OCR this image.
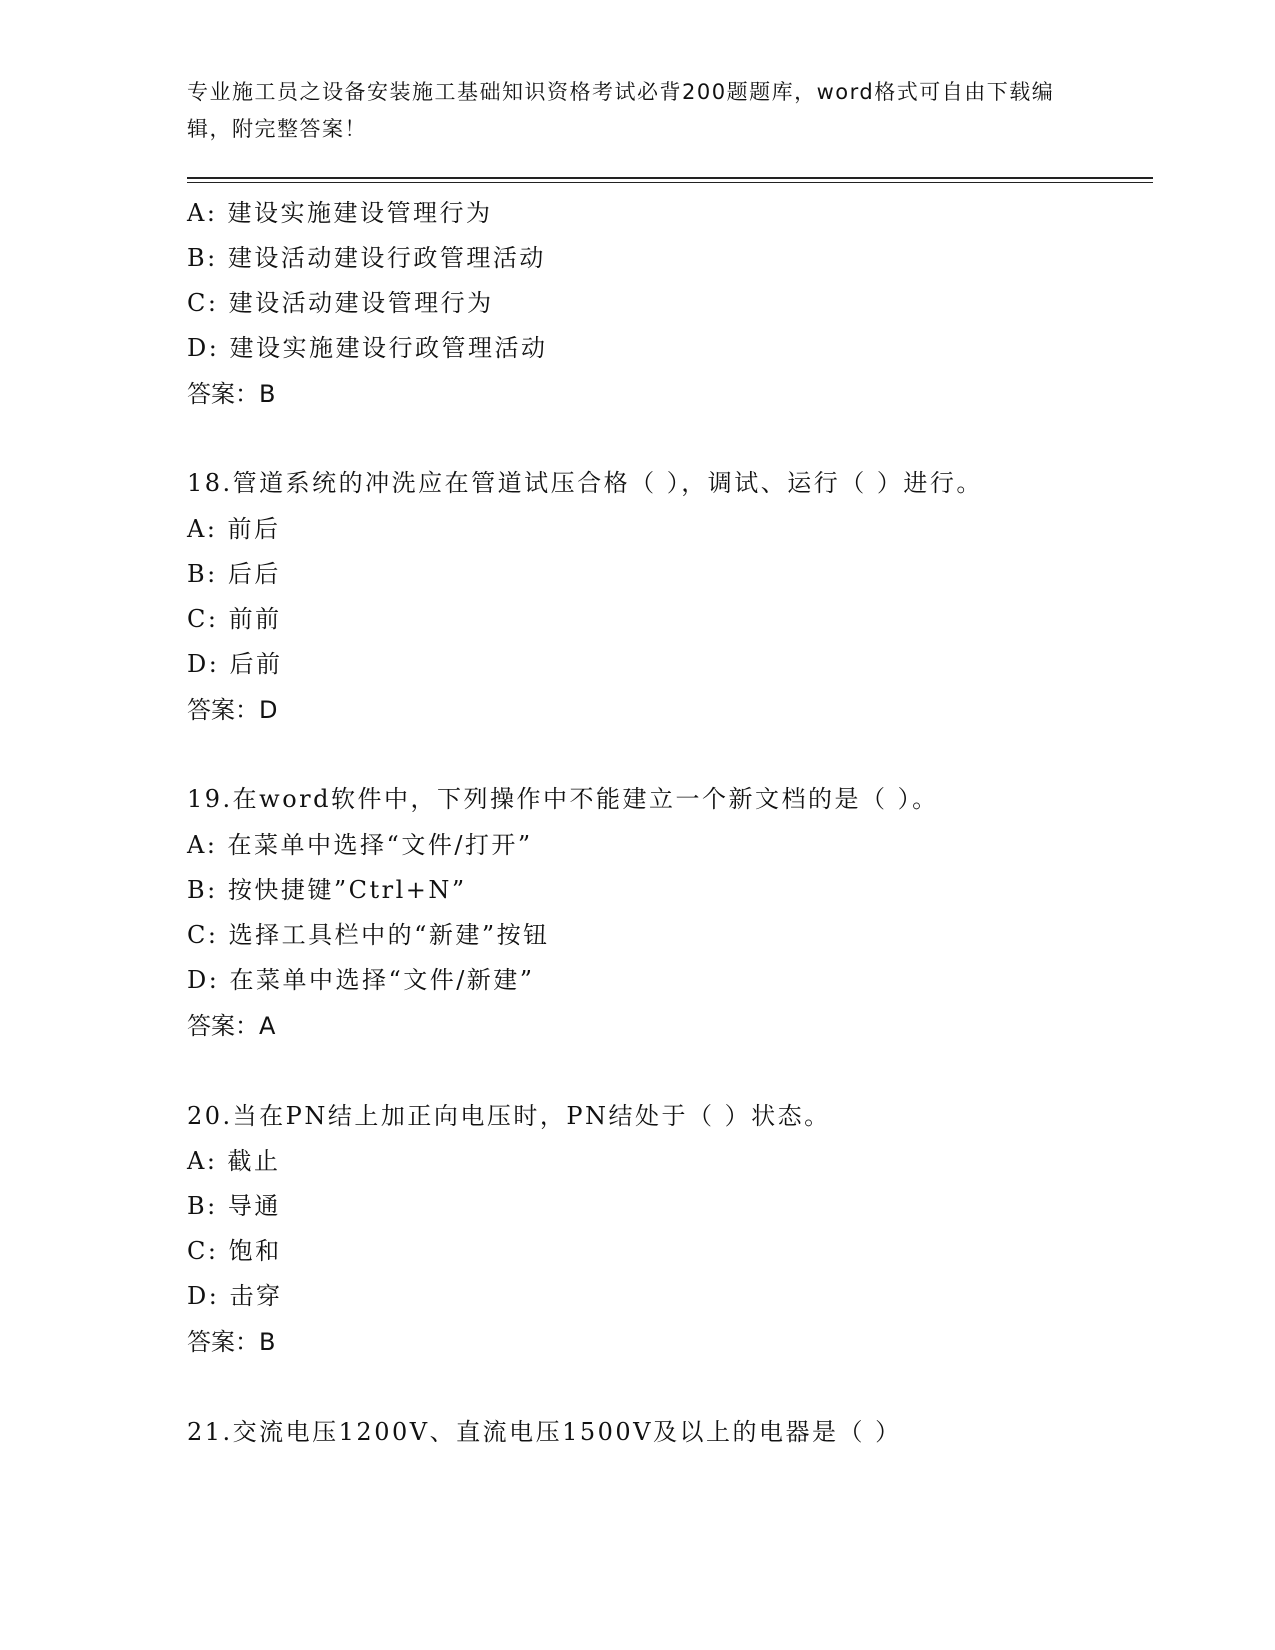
专业施工员之设备安装施工基础知识资格考试必背200题题库，word格式可自由下载编辑，附完整答案！
A: 建设实施建设管理行为
B: 建设活动建设行政管理活动
C: 建设活动建设管理行为
D: 建设实施建设行政管理活动
答案：B
18.管道系统的冲洗应在管道试压合格（ ），调试、运行（ ）进行。
A: 前后
B: 后后
C: 前前
D: 后前
答案：D
19.在word软件中，下列操作中不能建立一个新文档的是（ ）。
A: 在菜单中选择“文件/打开”
B: 按快捷键”Ctrl+N”
C: 选择工具栏中的“新建”按钮
D: 在菜单中选择“文件/新建”
答案：A
20.当在PN结上加正向电压时，PN结处于（ ）状态。
A: 截止
B: 导通
C: 饱和
D: 击穿
答案：B
21.交流电压1200V、直流电压1500V及以上的电器是（ ）
